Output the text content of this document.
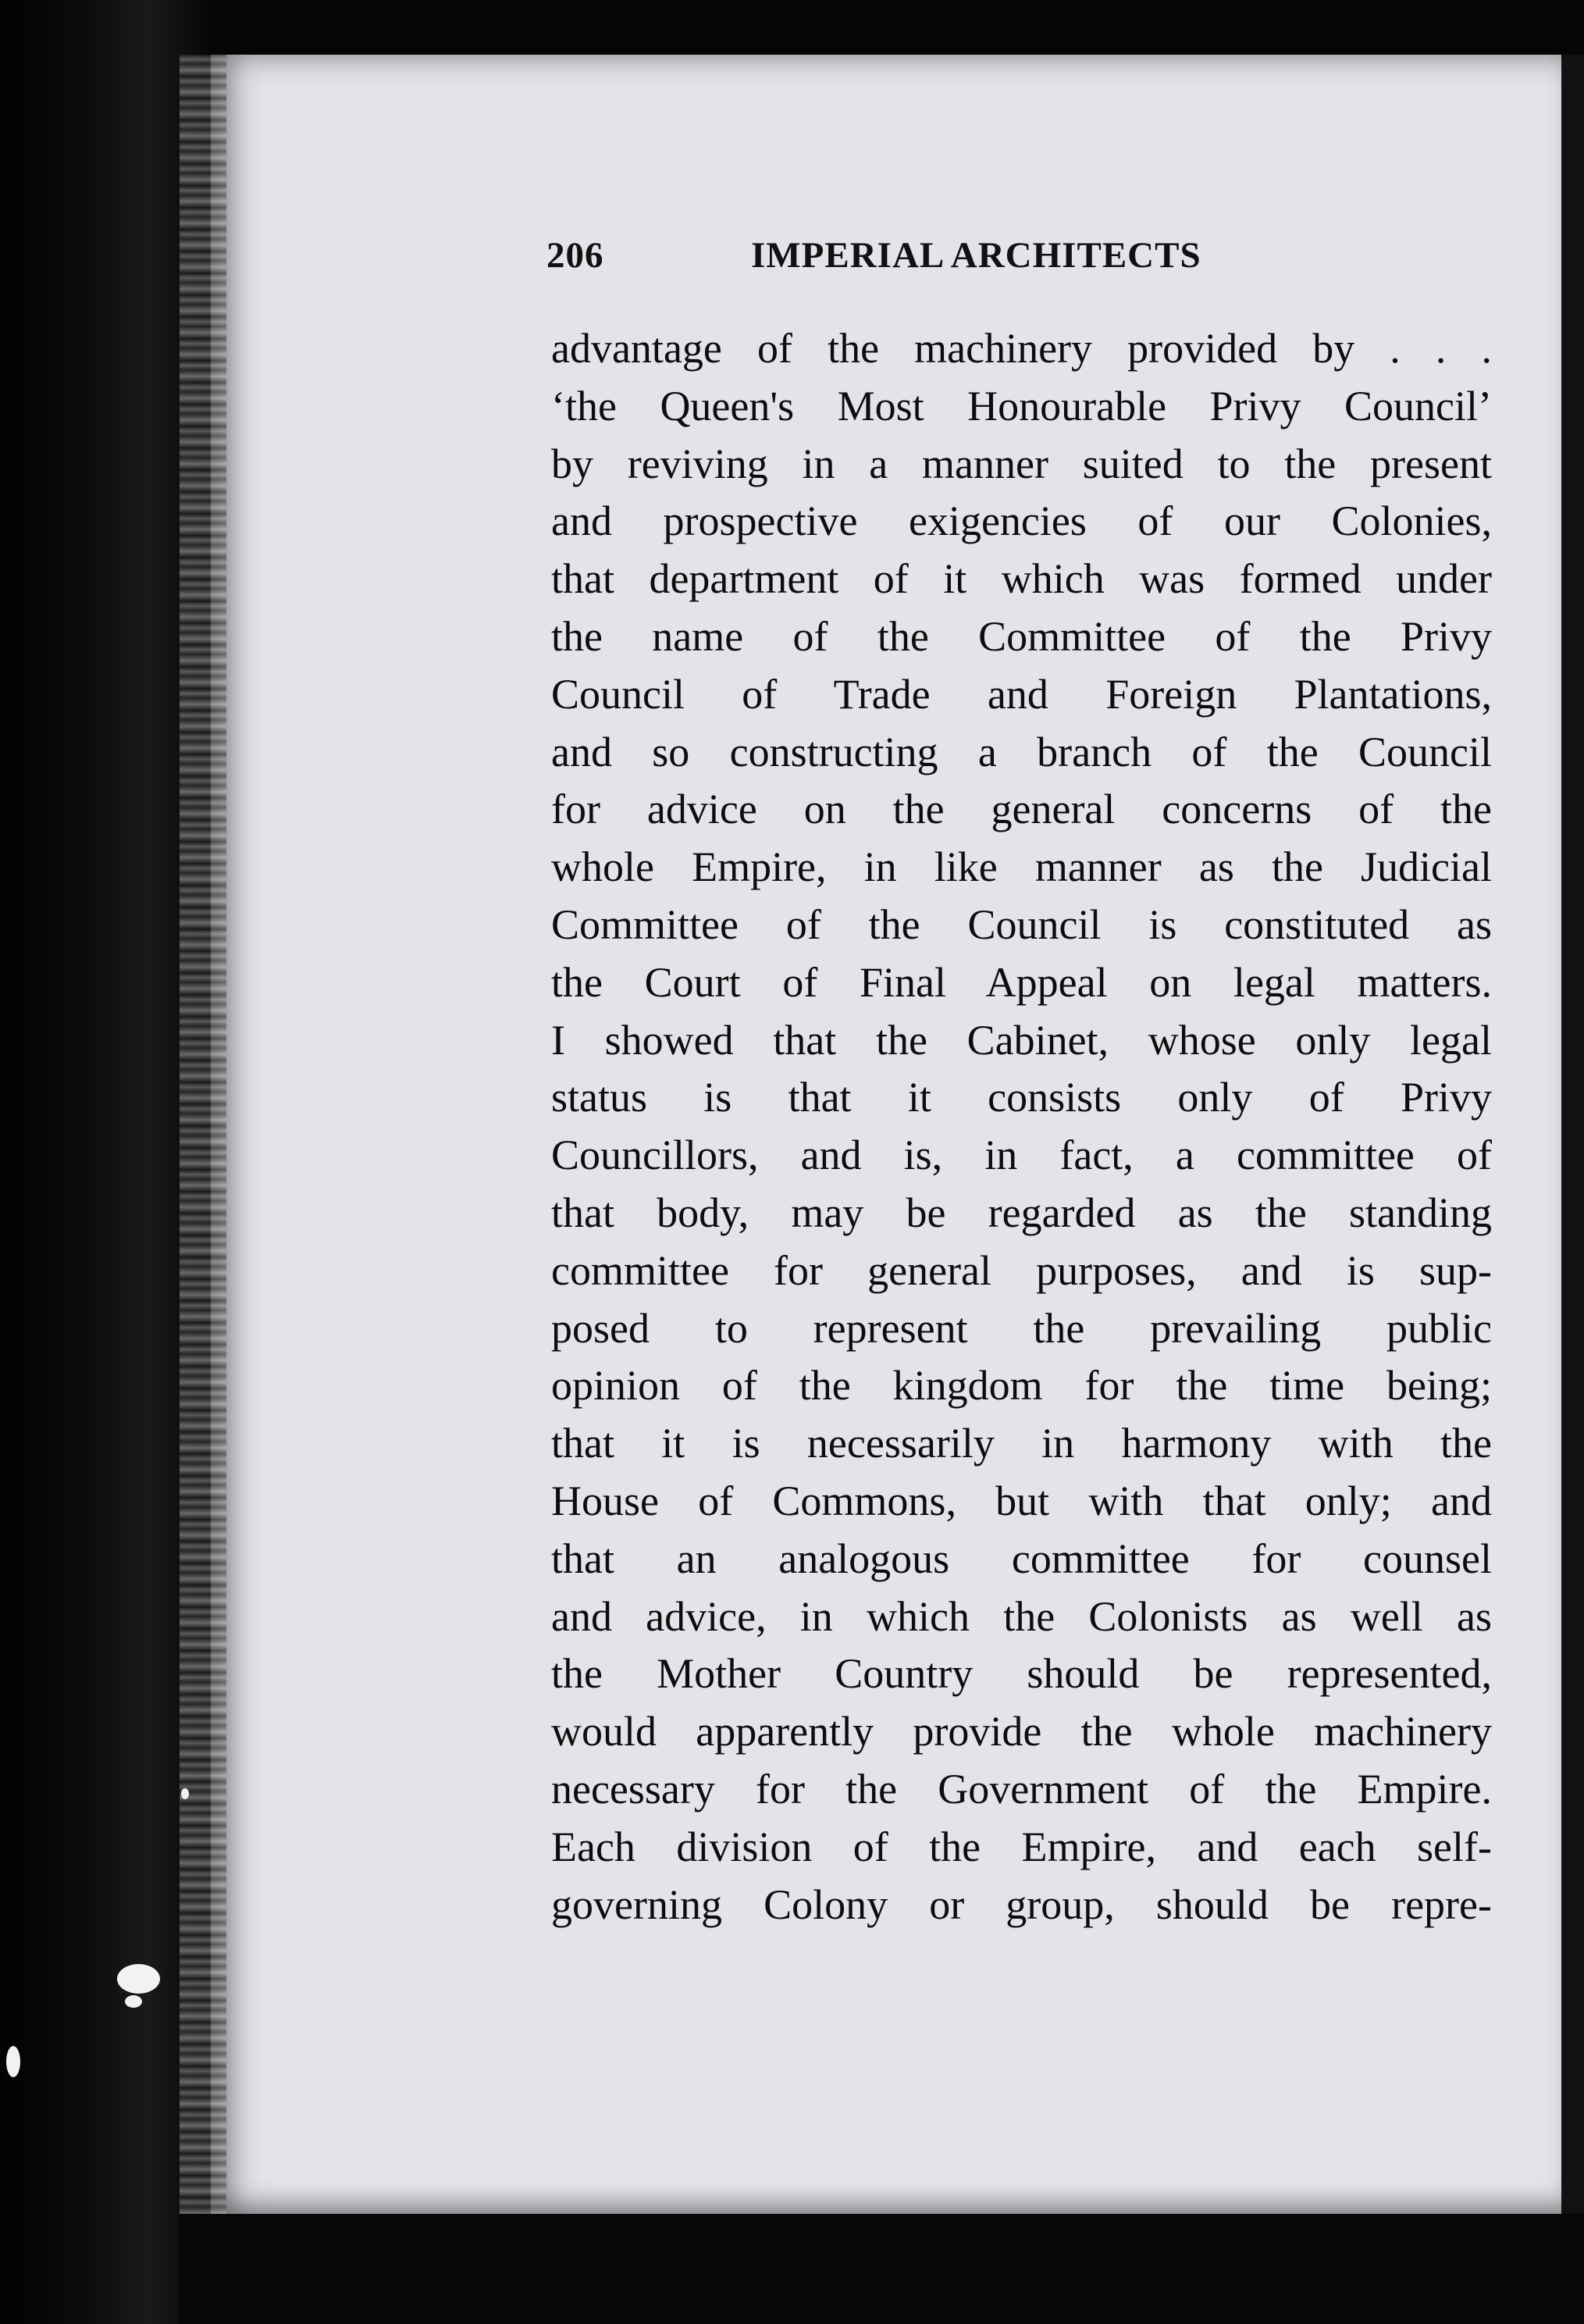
206	IMPERIAL ARCHITECTS
advantage of the machinery provided by . . .
‘the Queen's Most Honourable Privy Council’
by reviving in a manner suited to the present
and prospective exigencies of our Colonies,
that department of it which was formed under
the name of the Committee of the Privy
Council of Trade and Foreign Plantations,
and so constructing a branch of the Council
for advice on the general concerns of the
whole Empire, in like manner as the Judicial
Committee of the Council is constituted as
the Court of Final Appeal on legal matters.
I showed that the Cabinet, whose only legal
status is that it consists only of Privy
Councillors, and is, in fact, a committee of
that body, may be regarded as the standing
committee for general purposes, and is sup-
posed to represent the prevailing public
opinion of the kingdom for the time being;
that it is necessarily in harmony with the
House of Commons, but with that only; and
that an analogous committee for counsel
and advice, in which the Colonists as well as
the Mother Country should be represented,
would apparently provide the whole machinery
necessary for the Government of the Empire.
Each division of the Empire, and each self-
governing Colony or group, should be repre-
